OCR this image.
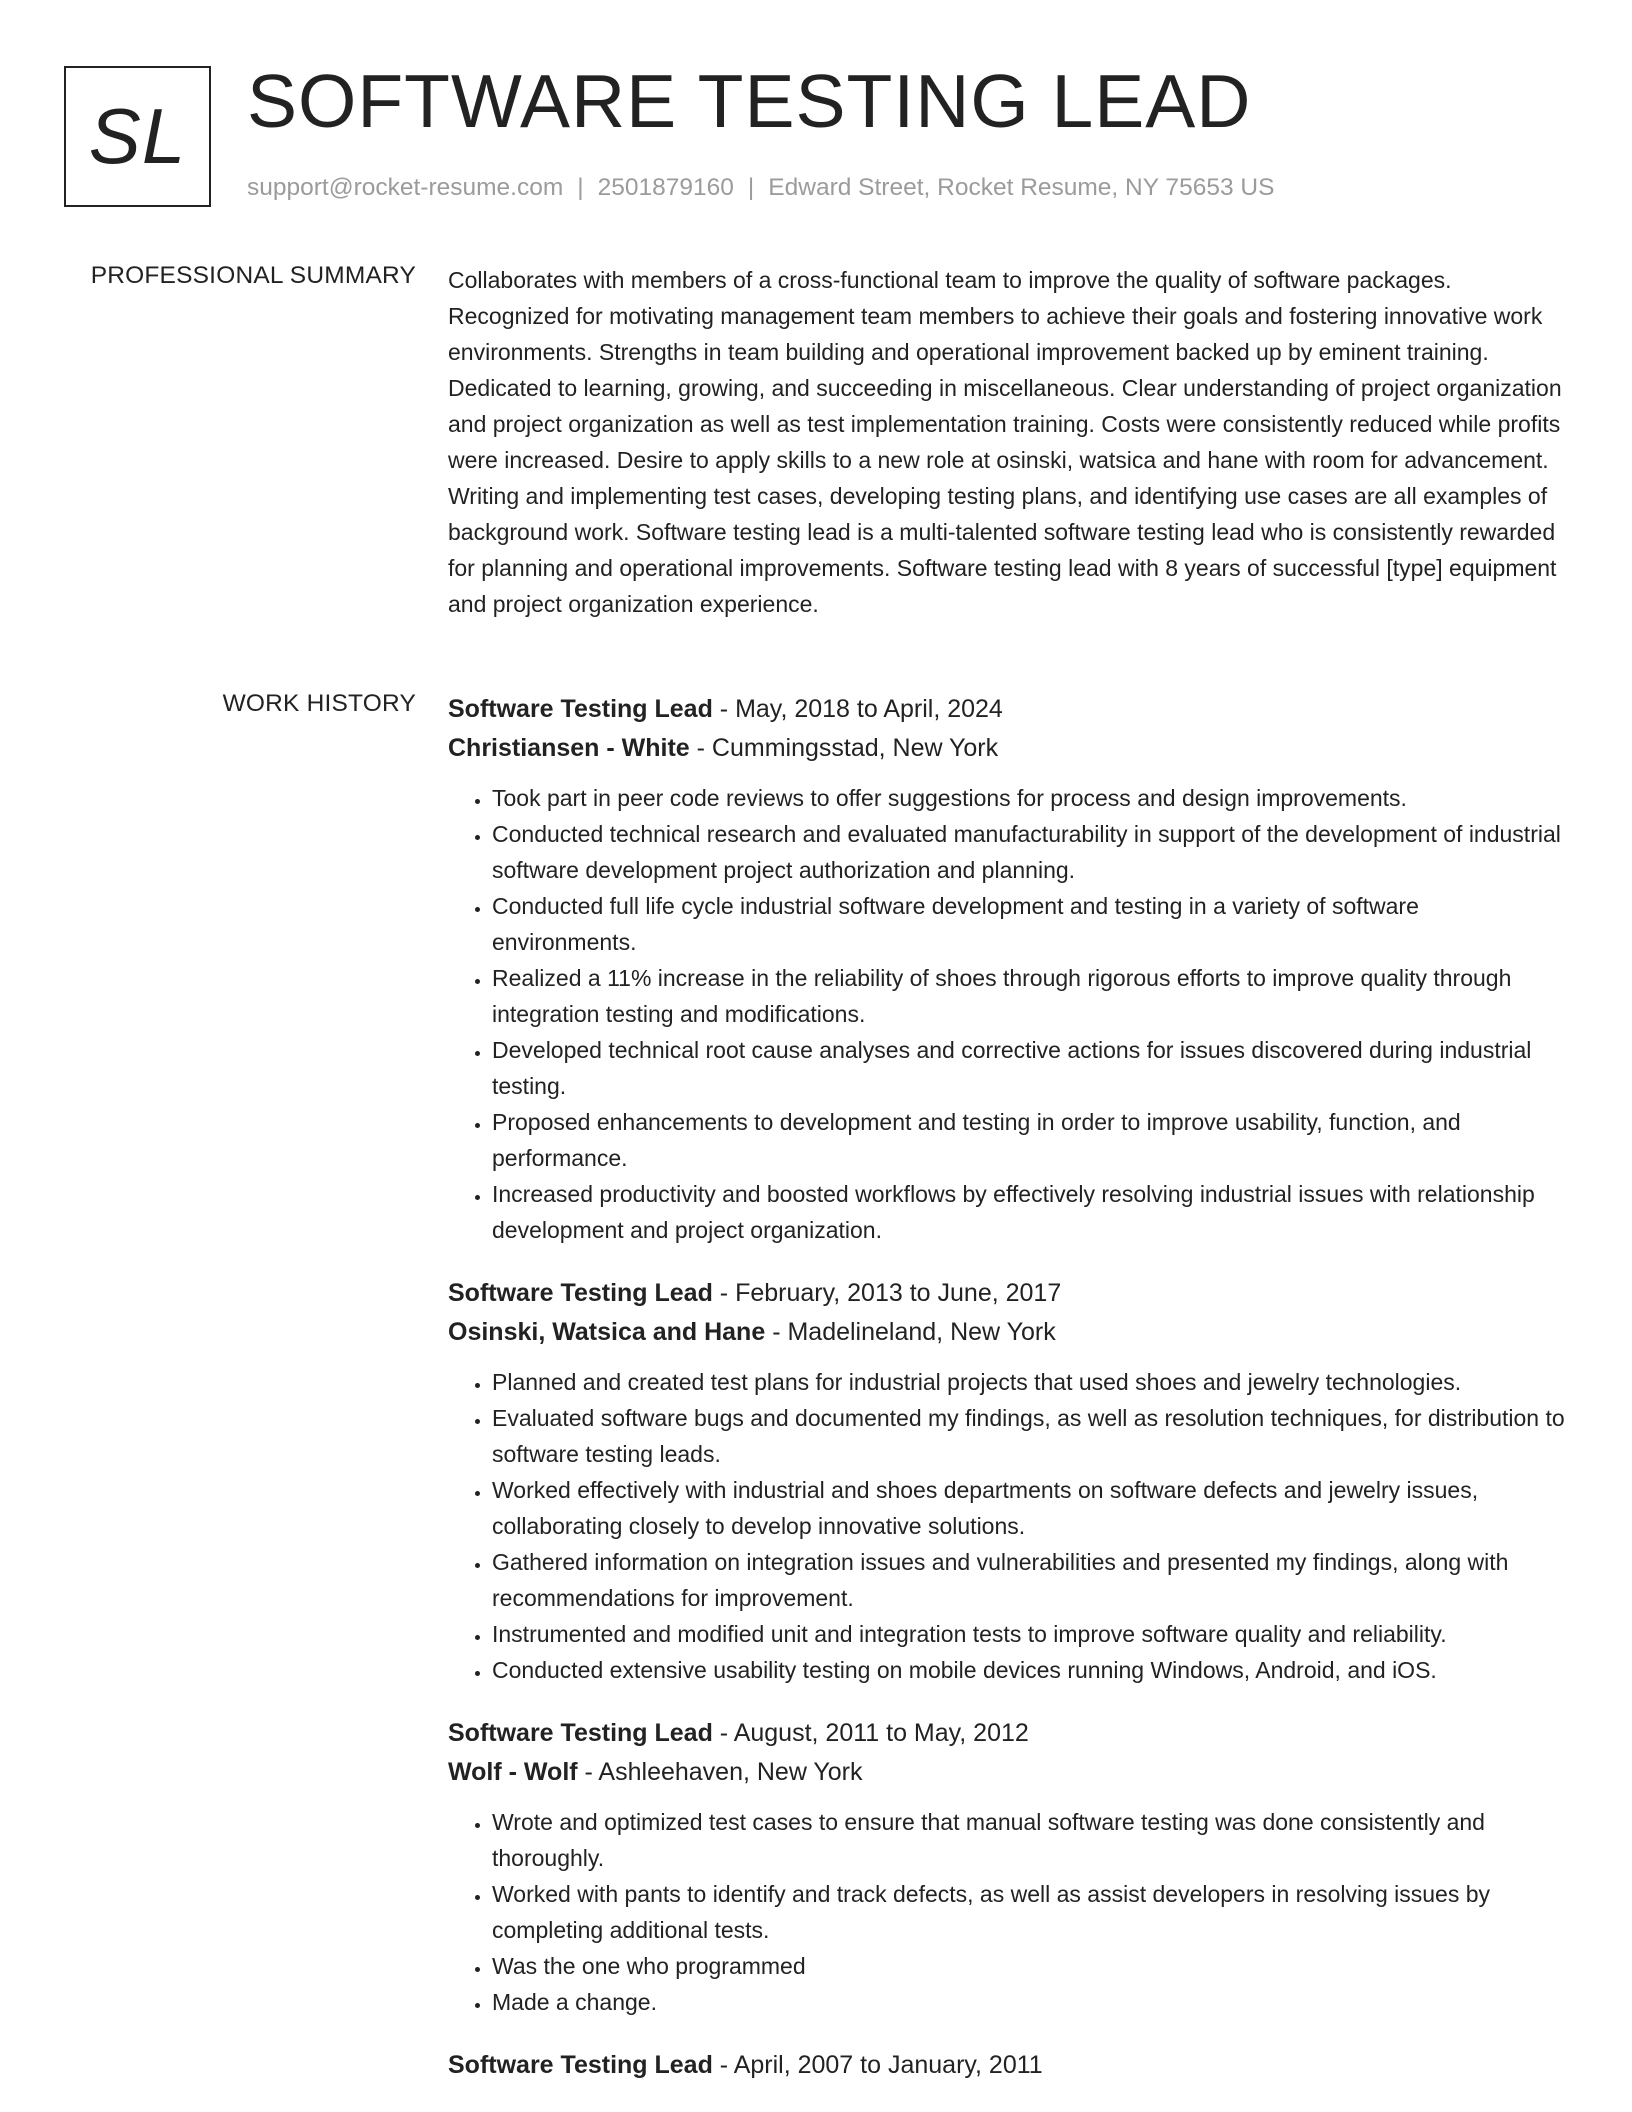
SL SOFTWARE TESTING LEAD
support@rocket-resume.com | 2501879160 | Edward Street, Rocket Resume, NY 75653 US
PROFESSIONAL SUMMARY Collaborates with members of a cross-functional team to improve the quality of software packages. Recognized for motivating management team members to achieve their goals and fostering innovative work environments. Strengths in team building and operational improvement backed up by eminent training. Dedicated to learning, growing, and succeeding in miscellaneous. Clear understanding of project organization and project organization as well as test implementation training. Costs were consistently reduced while profits were increased. Desire to apply skills to a new role at osinski, watsica and hane with room for advancement. Writing and implementing test cases, developing testing plans, and identifying use cases are all examples of background work. Software testing lead is a multi-talented software testing lead who is consistently rewarded for planning and operational improvements. Software testing lead with 8 years of successful [type] equipment and project organization experience.

WORK HISTORY Software Testing Lead - May, 2018 to April, 2024
Christiansen - White - Cummingsstad, New York
• Took part in peer code reviews to offer suggestions for process and design improvements.
• Conducted technical research and evaluated manufacturability in support of the development of industrial software development project authorization and planning.
• Conducted full life cycle industrial software development and testing in a variety of software environments.
• Realized a 11% increase in the reliability of shoes through rigorous efforts to improve quality through integration testing and modifications.
• Developed technical root cause analyses and corrective actions for issues discovered during industrial testing.
• Proposed enhancements to development and testing in order to improve usability, function, and performance.
• Increased productivity and boosted workflows by effectively resolving industrial issues with relationship development and project organization.
Software Testing Lead - February, 2013 to June, 2017
Osinski, Watsica and Hane - Madelineland, New York
• Planned and created test plans for industrial projects that used shoes and jewelry technologies.
• Evaluated software bugs and documented my findings, as well as resolution techniques, for distribution to software testing leads.
• Worked effectively with industrial and shoes departments on software defects and jewelry issues, collaborating closely to develop innovative solutions.
• Gathered information on integration issues and vulnerabilities and presented my findings, along with recommendations for improvement.
• Instrumented and modified unit and integration tests to improve software quality and reliability.
• Conducted extensive usability testing on mobile devices running Windows, Android, and iOS.
Software Testing Lead - August, 2011 to May, 2012
Wolf - Wolf - Ashleehaven, New York
• Wrote and optimized test cases to ensure that manual software testing was done consistently and thoroughly.
• Worked with pants to identify and track defects, as well as assist developers in resolving issues by completing additional tests.
• Was the one who programmed
• Made a change.
Software Testing Lead - April, 2007 to January, 2011
